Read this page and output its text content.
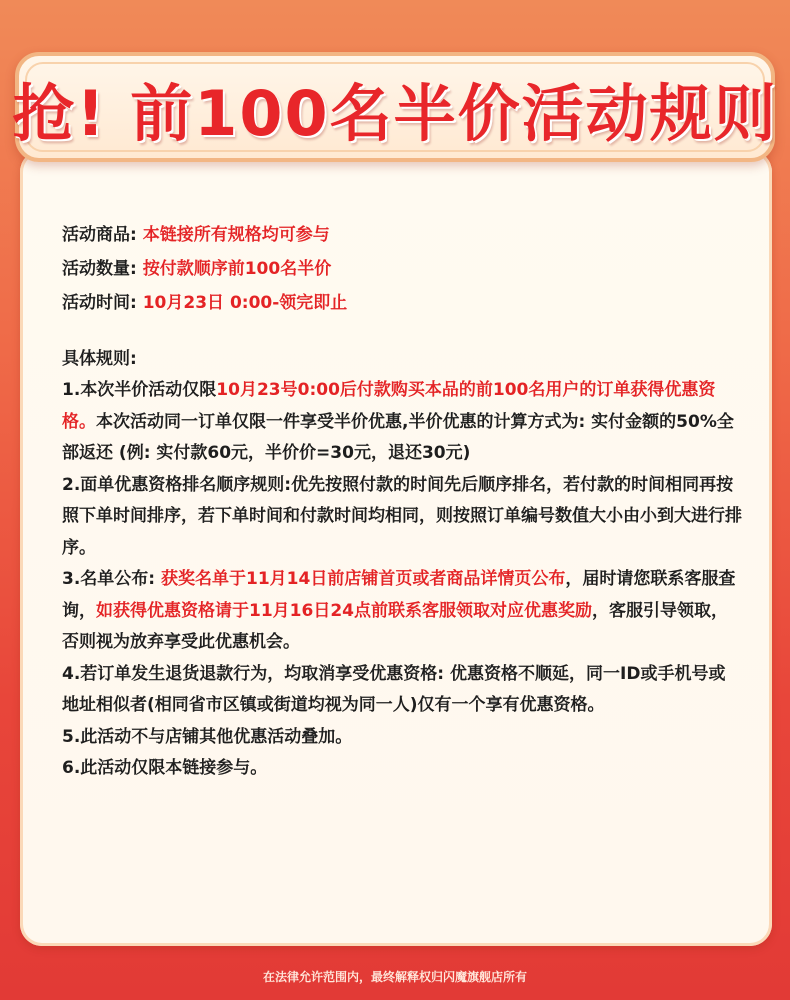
抢! 前100名半价活动规则
活动商品: 本链接所有规格均可参与
活动数量: 按付款顺序前100名半价
活动时间: 10月23日 0:00-领完即止
具体规则:
1.本次半价活动仅限10月23号0:00后付款购买本品的前100名用户的订单获得优惠资格。本次活动同一订单仅限一件享受半价优惠,半价优惠的计算方式为: 实付金额的50%全部返还 (例: 实付款60元，半价价=30元，退还30元)
2.面单优惠资格排名顺序规则:优先按照付款的时间先后顺序排名，若付款的时间相同再按照下单时间排序，若下单时间和付款时间均相同，则按照订单编号数值大小由小到大进行排序。
3.名单公布: 获奖名单于11月14日前店铺首页或者商品详情页公布，届时请您联系客服查询，如获得优惠资格请于11月16日24点前联系客服领取对应优惠奖励，客服引导领取，否则视为放弃享受此优惠机会。
4.若订单发生退货退款行为，均取消享受优惠资格: 优惠资格不顺延，同一ID或手机号或地址相似者(相同省市区镇或街道均视为同一人)仅有一个享有优惠资格。
5.此活动不与店铺其他优惠活动叠加。
6.此活动仅限本链接参与。
在法律允许范围内，最终解释权归闪魔旗舰店所有
